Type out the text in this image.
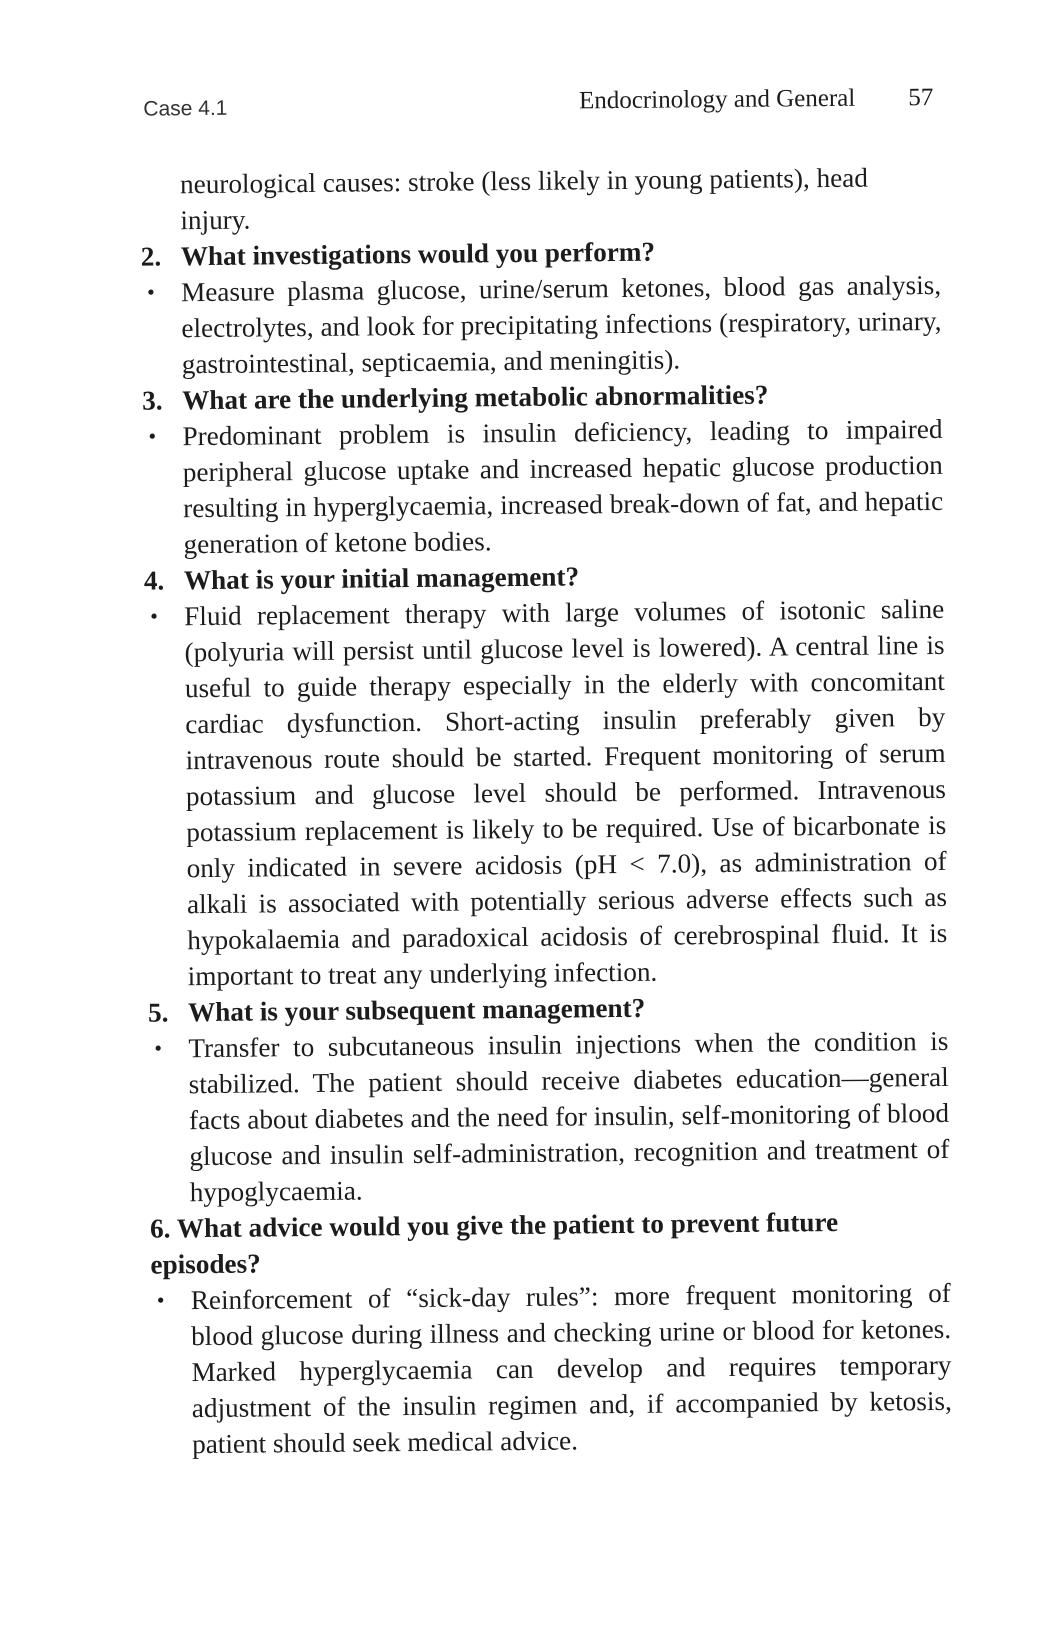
Case 4.1	Endocrinology and General 57

neurological causes: stroke (less likely in young patients), head injury.

2. What investigations would you perform?

• Measure plasma glucose, urine/serum ketones, blood gas analysis, electrolytes, and look for precipitating infections (respiratory, urinary, gastrointestinal, septicaemia, and meningitis).

3. What are the underlying metabolic abnormalities?

• Predominant problem is insulin deficiency, leading to impaired peripheral glucose uptake and increased hepatic glucose production resulting in hyperglycaemia, increased break-down of fat, and hepatic generation of ketone bodies.

4. What is your initial management?

• Fluid replacement therapy with large volumes of isotonic saline (polyuria will persist until glucose level is lowered). A central line is useful to guide therapy especially in the elderly with concomitant cardiac dysfunction. Short-acting insulin preferably given by intravenous route should be started. Frequent monitoring of serum potassium and glucose level should be performed. Intravenous potassium replacement is likely to be required. Use of bicarbonate is only indicated in severe acidosis (pH < 7.0), as administration of alkali is associated with potentially serious adverse effects such as hypokalaemia and paradoxical acidosis of cerebrospinal fluid. It is important to treat any underlying infection.

5. What is your subsequent management?

• Transfer to subcutaneous insulin injections when the condition is stabilized. The patient should receive diabetes education—general facts about diabetes and the need for insulin, self-monitoring of blood glucose and insulin self-administration, recognition and treatment of hypoglycaemia.

6. What advice would you give the patient to prevent future episodes?

• Reinforcement of “sick-day rules”: more frequent monitoring of blood glucose during illness and checking urine or blood for ketones. Marked hyperglycaemia can develop and requires temporary adjustment of the insulin regimen and, if accompanied by ketosis, patient should seek medical advice.
